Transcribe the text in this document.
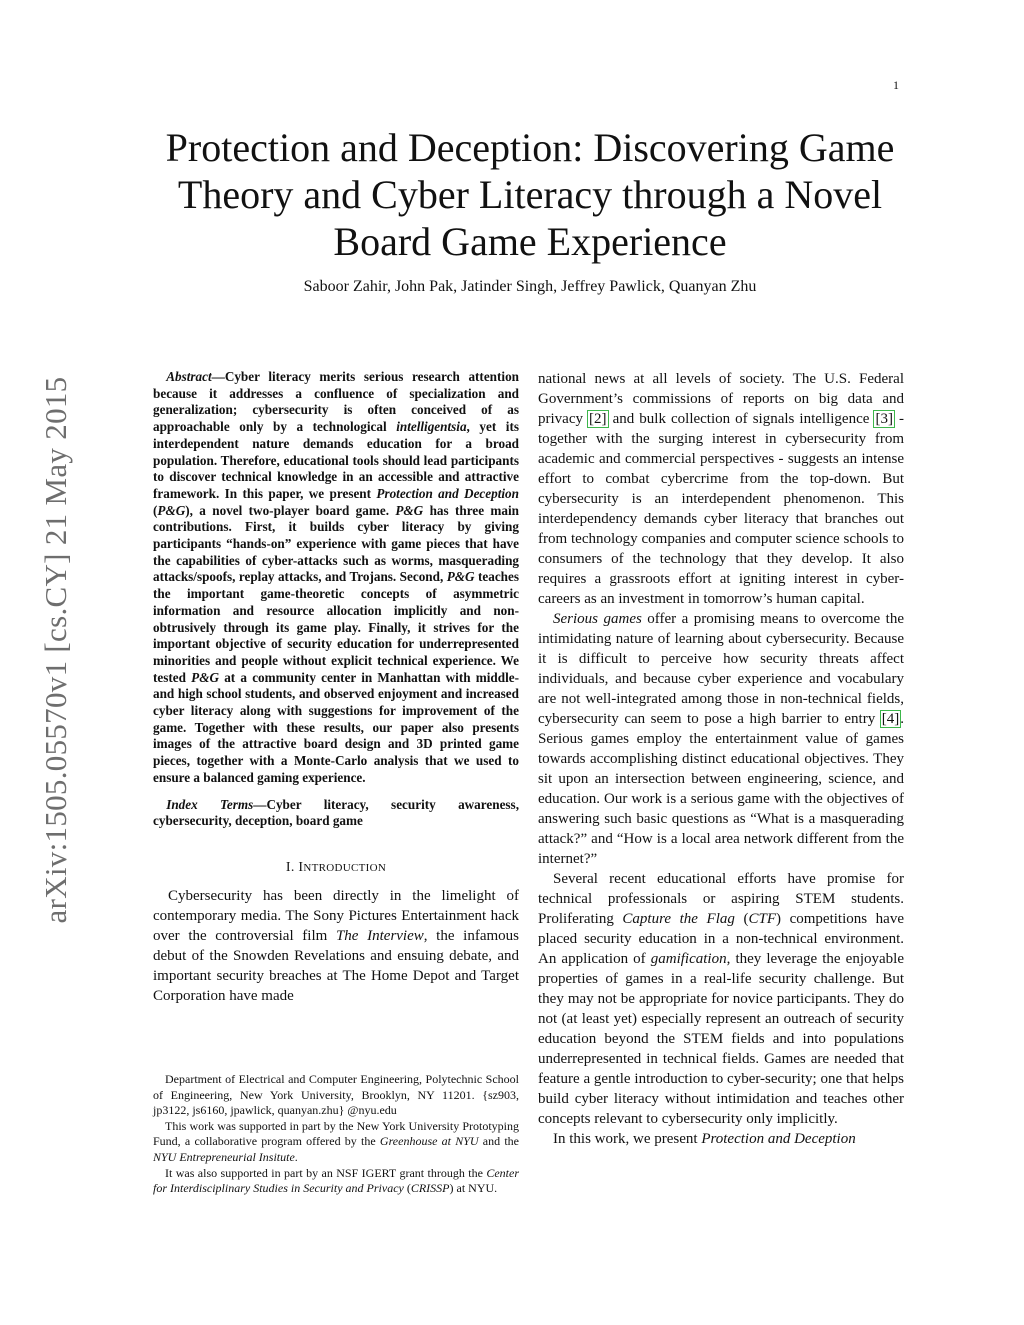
1
arXiv:1505.05570v1 [cs.CY] 21 May 2015
Protection and Deception: Discovering Game
Theory and Cyber Literacy through a Novel
Board Game Experience
Saboor Zahir, John Pak, Jatinder Singh, Jeffrey Pawlick, Quanyan Zhu

Abstract—Cyber literacy merits serious research attention because it addresses a confluence of specialization and generalization; cybersecurity is often conceived of as approachable only by a technological intelligentsia, yet its interdependent nature demands education for a broad population. Therefore, educational tools should lead participants to discover technical knowledge in an accessible and attractive framework. In this paper, we present Protection and Deception (P&G), a novel two-player board game. P&G has three main contributions. First, it builds cyber literacy by giving participants “hands-on” experience with game pieces that have the capabilities of cyber-attacks such as worms, masquerading attacks/spoofs, replay attacks, and Trojans. Second, P&G teaches the important game-theoretic concepts of asymmetric information and resource allocation implicitly and non-obtrusively through its game play. Finally, it strives for the important objective of security education for underrepresented minorities and people without explicit technical experience. We tested P&G at a community center in Manhattan with middle- and high school students, and observed enjoyment and increased cyber literacy along with suggestions for improvement of the game. Together with these results, our paper also presents images of the attractive board design and 3D printed game pieces, together with a Monte-Carlo analysis that we used to ensure a balanced gaming experience.

Index Terms—Cyber literacy, security awareness, cybersecurity, deception, board game

I. INTRODUCTION

Cybersecurity has been directly in the limelight of contemporary media. The Sony Pictures Entertainment hack over the controversial film The Interview, the infamous debut of the Snowden Revelations and ensuing debate, and important security breaches at The Home Depot and Target Corporation have made

Department of Electrical and Computer Engineering, Polytechnic School of Engineering, New York University, Brooklyn, NY 11201. {sz903, jp3122, js6160, jpawlick, quanyan.zhu} @nyu.edu

This work was supported in part by the New York University Prototyping Fund, a collaborative program offered by the Greenhouse at NYU and the NYU Entrepreneurial Insitute.

It was also supported in part by an NSF IGERT grant through the Center for Interdisciplinary Studies in Security and Privacy (CRISSP) at NYU.

national news at all levels of society. The U.S. Federal Government’s commissions of reports on big data and privacy [2] and bulk collection of signals intelligence [3] - together with the surging interest in cybersecurity from academic and commercial perspectives - suggests an intense effort to combat cybercrime from the top-down. But cybersecurity is an interdependent phenomenon. This interdependency demands cyber literacy that branches out from technology companies and computer science schools to consumers of the technology that they develop. It also requires a grassroots effort at igniting interest in cyber-careers as an investment in tomorrow’s human capital.

Serious games offer a promising means to overcome the intimidating nature of learning about cybersecurity. Because it is difficult to perceive how security threats affect individuals, and because cyber experience and vocabulary are not well-integrated among those in non-technical fields, cybersecurity can seem to pose a high barrier to entry [4]. Serious games employ the entertainment value of games towards accomplishing distinct educational objectives. They sit upon an intersection between engineering, science, and education. Our work is a serious game with the objectives of answering such basic questions as “What is a masquerading attack?” and “How is a local area network different from the internet?”

Several recent educational efforts have promise for technical professionals or aspiring STEM students. Proliferating Capture the Flag (CTF) competitions have placed security education in a non-technical environment. An application of gamification, they leverage the enjoyable properties of games in a real-life security challenge. But they may not be appropriate for novice participants. They do not (at least yet) especially represent an outreach of security education beyond the STEM fields and into populations underrepresented in technical fields. Games are needed that feature a gentle introduction to cyber-security; one that helps build cyber literacy without intimidation and teaches other concepts relevant to cybersecurity only implicitly.

In this work, we present Protection and Deception
